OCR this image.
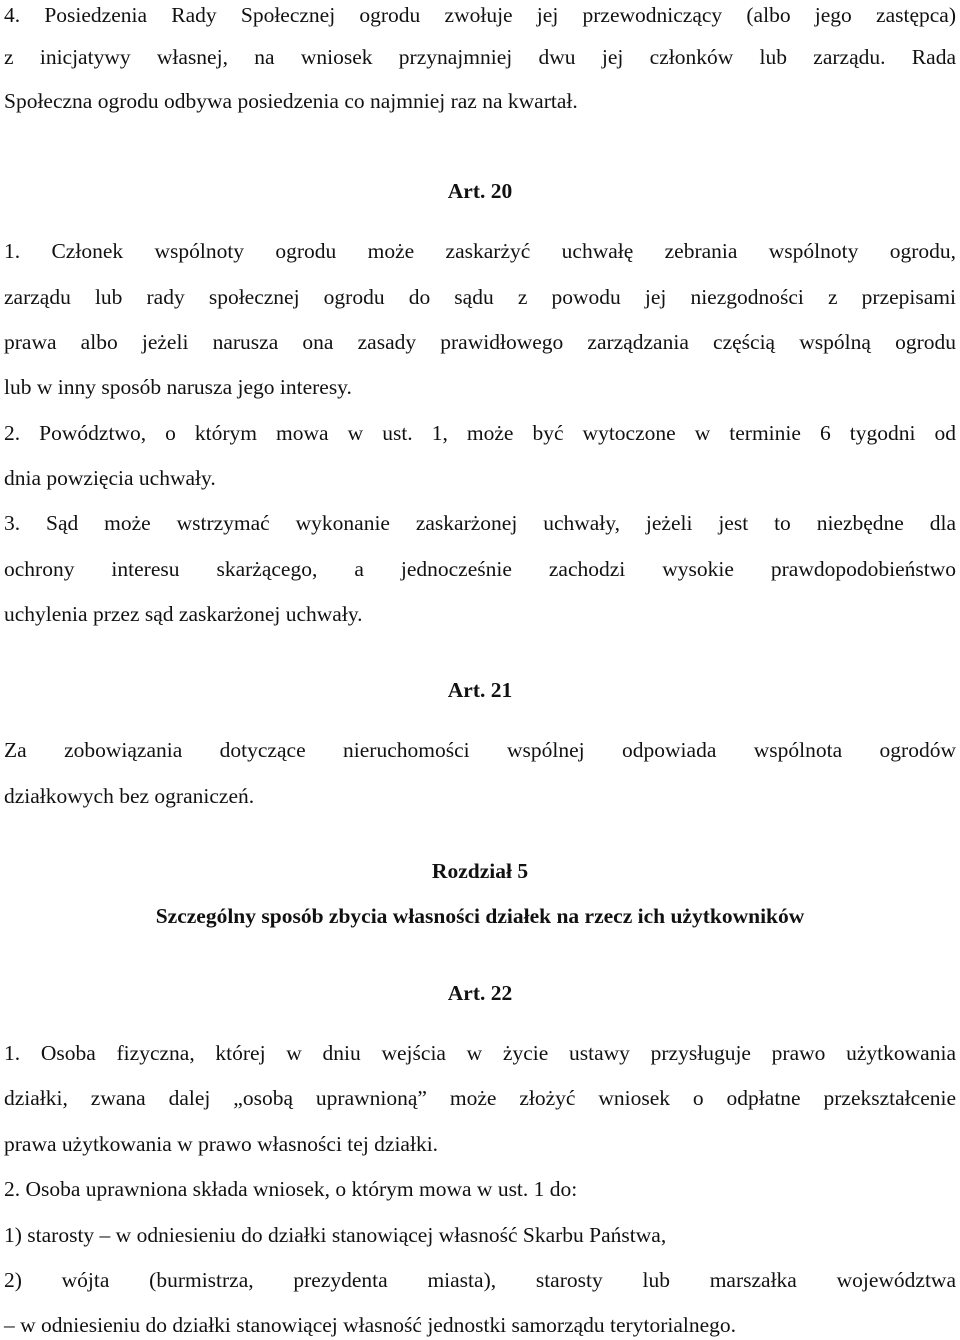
4. Posiedzenia Rady Społecznej ogrodu zwołuje jej przewodniczący (albo jego zastępca)
z inicjatywy własnej, na wniosek przynajmniej dwu jej członków lub zarządu. Rada
Społeczna ogrodu odbywa posiedzenia co najmniej raz na kwartał.
Art. 20
1. Członek wspólnoty ogrodu może zaskarżyć uchwałę zebrania wspólnoty ogrodu,
zarządu lub rady społecznej ogrodu do sądu z powodu jej niezgodności z przepisami
prawa albo jeżeli narusza ona zasady prawidłowego zarządzania częścią wspólną ogrodu
lub w inny sposób narusza jego interesy.
2. Powództwo, o którym mowa w ust. 1, może być wytoczone w terminie 6 tygodni od
dnia powzięcia uchwały.
3. Sąd może wstrzymać wykonanie zaskarżonej uchwały, jeżeli jest to niezbędne dla
ochrony interesu skarżącego, a jednocześnie zachodzi wysokie prawdopodobieństwo
uchylenia przez sąd zaskarżonej uchwały.
Art. 21
Za zobowiązania dotyczące nieruchomości wspólnej odpowiada wspólnota ogrodów
działkowych bez ograniczeń.
Rozdział 5
Szczególny sposób zbycia własności działek na rzecz ich użytkowników
Art. 22
1. Osoba fizyczna, której w dniu wejścia w życie ustawy przysługuje prawo użytkowania
działki, zwana dalej „osobą uprawnioną” może złożyć wniosek o odpłatne przekształcenie
prawa użytkowania w prawo własności tej działki.
2. Osoba uprawniona składa wniosek, o którym mowa w ust. 1 do:
1) starosty – w odniesieniu do działki stanowiącej własność Skarbu Państwa,
2) wójta (burmistrza, prezydenta miasta), starosty lub marszałka województwa
– w odniesieniu do działki stanowiącej własność jednostki samorządu terytorialnego.
